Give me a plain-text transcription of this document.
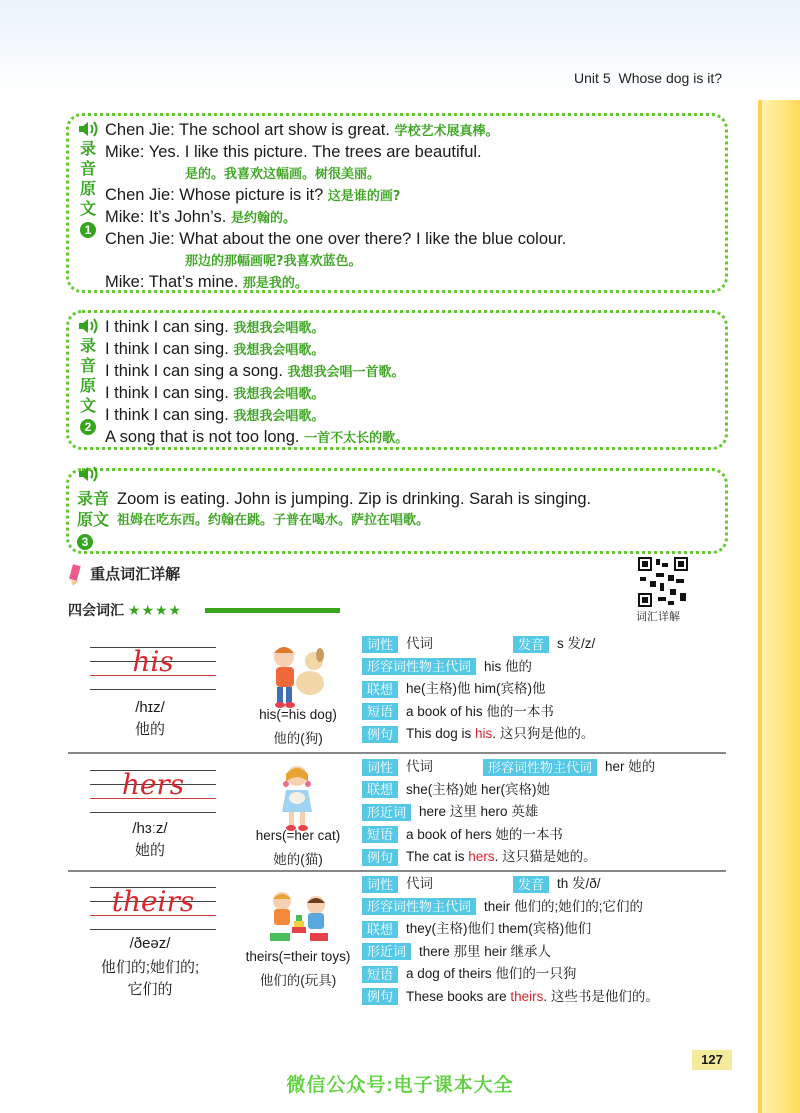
Unit 5 Whose dog is it?
录
音
原
文
1
Chen Jie: The school art show is great. 学校艺术展真棒。
Mike: Yes. I like this picture. The trees are beautiful.
是的。我喜欢这幅画。树很美丽。
Chen Jie: Whose picture is it? 这是谁的画?
Mike: It’s John’s. 是约翰的。
Chen Jie: What about the one over there? I like the blue colour.
那边的那幅画呢?我喜欢蓝色。
Mike: That’s mine. 那是我的。
录
音
原
文
2
I think I can sing. 我想我会唱歌。
I think I can sing. 我想我会唱歌。
I think I can sing a song. 我想我会唱一首歌。
I think I can sing. 我想我会唱歌。
I think I can sing. 我想我会唱歌。
A song that is not too long. 一首不太长的歌。
录音
原文
3
Zoom is eating. John is jumping. Zip is drinking. Sarah is singing.
祖姆在吃东西。约翰在跳。子普在喝水。萨拉在唱歌。
重点词汇详解
词汇详解
四会词汇 ★★★★
his
/hɪz/
他的
his(=his dog)
他的(狗)
词性 代词	发音 s 发/z/
形容词性物主代词 his 他的
联想 he(主格)他 him(宾格)他
短语 a book of his 他的一本书
例句 This dog is his. 这只狗是他的。
hers
/hɜːz/
她的
hers(=her cat)
她的(猫)
词性 代词	形容词性物主代词 her 她的
联想 she(主格)她 her(宾格)她
形近词 here 这里 hero 英雄
短语 a book of hers 她的一本书
例句 The cat is hers. 这只猫是她的。
theirs
/ðeəz/
他们的;她们的;
它们的
theirs(=their toys)
他们的(玩具)
词性 代词	发音 th 发/ð/
形容词性物主代词 their 他们的;她们的;它们的
联想 they(主格)他们 them(宾格)他们
形近词 there 那里 heir 继承人
短语 a dog of theirs 他们的一只狗
例句 These books are theirs. 这些书是他们的。
127
微信公众号:电子课本大全
